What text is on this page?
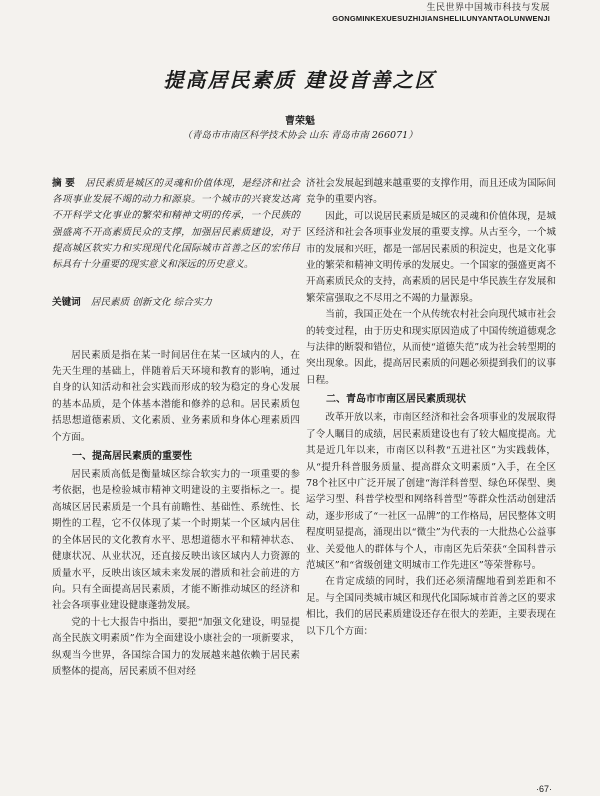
生民世界中国城市科技与发展
GONGMINKEXUESUZHIJIANSHELILUNYANTAOLUNWENJI
提高居民素质 建设首善之区
曹荣魁
（青岛市市南区科学技术协会 山东 青岛市南 266071）
摘 要 居民素质是城区的灵魂和价值体现，是经济和社会各项事业发展不竭的动力和源泉。一个城市的兴衰发达离不开科学文化事业的繁荣和精神文明的传承，一个民族的强盛离不开高素质民众的支撑，加强居民素质建设，对于提高城区软实力和实现现代化国际城市首善之区的宏伟目标具有十分重要的现实意义和深远的历史意义。
关键词 居民素质 创新文化 综合实力

居民素质是指在某一时间居住在某一区域内的人，在先天生理的基础上，伴随着后天环境和教育的影响，通过自身的认知活动和社会实践而形成的较为稳定的身心发展的基本品质，是个体基本潜能和修养的总和。居民素质包括思想道德素质、文化素质、业务素质和身体心理素质四个方面。

一、提高居民素质的重要性

居民素质高低是衡量城区综合软实力的一项重要的参考依据，也是检验城市精神文明建设的主要指标之一。提高城区居民素质是一个具有前瞻性、基础性、系统性、长期性的工程，它不仅体现了某一个时期某一个区域内居住的全体居民的文化教育水平、思想道德水平和精神状态、健康状况、从业状况，还直接反映出该区域内人力资源的质量水平，反映出该区域未来发展的潜质和社会前进的方向。只有全面提高居民素质，才能不断推动城区的经济和社会各项事业建设健康蓬勃发展。

党的十七大报告中指出，要把“加强文化建设，明显提高全民族文明素质”作为全面建设小康社会的一项新要求，纵观当今世界，各国综合国力的发展越来越依赖于居民素质整体的提高，居民素质不但对经

济社会发展起到越来越重要的支撑作用，而且还成为国际间竞争的重要内容。

因此，可以说居民素质是城区的灵魂和价值体现，是城区经济和社会各项事业发展的重要支撑。从古至今，一个城市的发展和兴旺，都是一部居民素质的积淀史，也是文化事业的繁荣和精神文明传承的发展史。一个国家的强盛更离不开高素质民众的支持，高素质的居民是中华民族生存发展和繁荣富强取之不尽用之不竭的力量源泉。

当前，我国正处在一个从传统农村社会向现代城市社会的转变过程，由于历史和现实原因造成了中国传统道德观念与法律的断裂和错位，从而使“道德失范”成为社会转型期的突出现象。因此，提高居民素质的问题必须提到我们的议事日程。

二、青岛市市南区居民素质现状

改革开放以来，市南区经济和社会各项事业的发展取得了令人瞩目的成绩，居民素质建设也有了较大幅度提高。尤其是近几年以来，市南区以科教“五进社区”为实践载体，从“提升科普服务质量、提高群众文明素质”入手，在全区78个社区中广泛开展了创建“海洋科普型、绿色环保型、奥运学习型、科普学校型和网络科普型”等群众性活动创建活动，逐步形成了“一社区一品牌”的工作格局，居民整体文明程度明显提高，涌现出以“微尘”为代表的一大批热心公益事业、关爱他人的群体与个人，市南区先后荣获“全国科普示范城区”和“省级创建文明城市工作先进区”等荣誉称号。

在肯定成绩的同时，我们还必须清醒地看到差距和不足。与全国同类城市城区和现代化国际城市首善之区的要求相比，我们的居民素质建设还存在很大的差距，主要表现在以下几个方面：

·67·
